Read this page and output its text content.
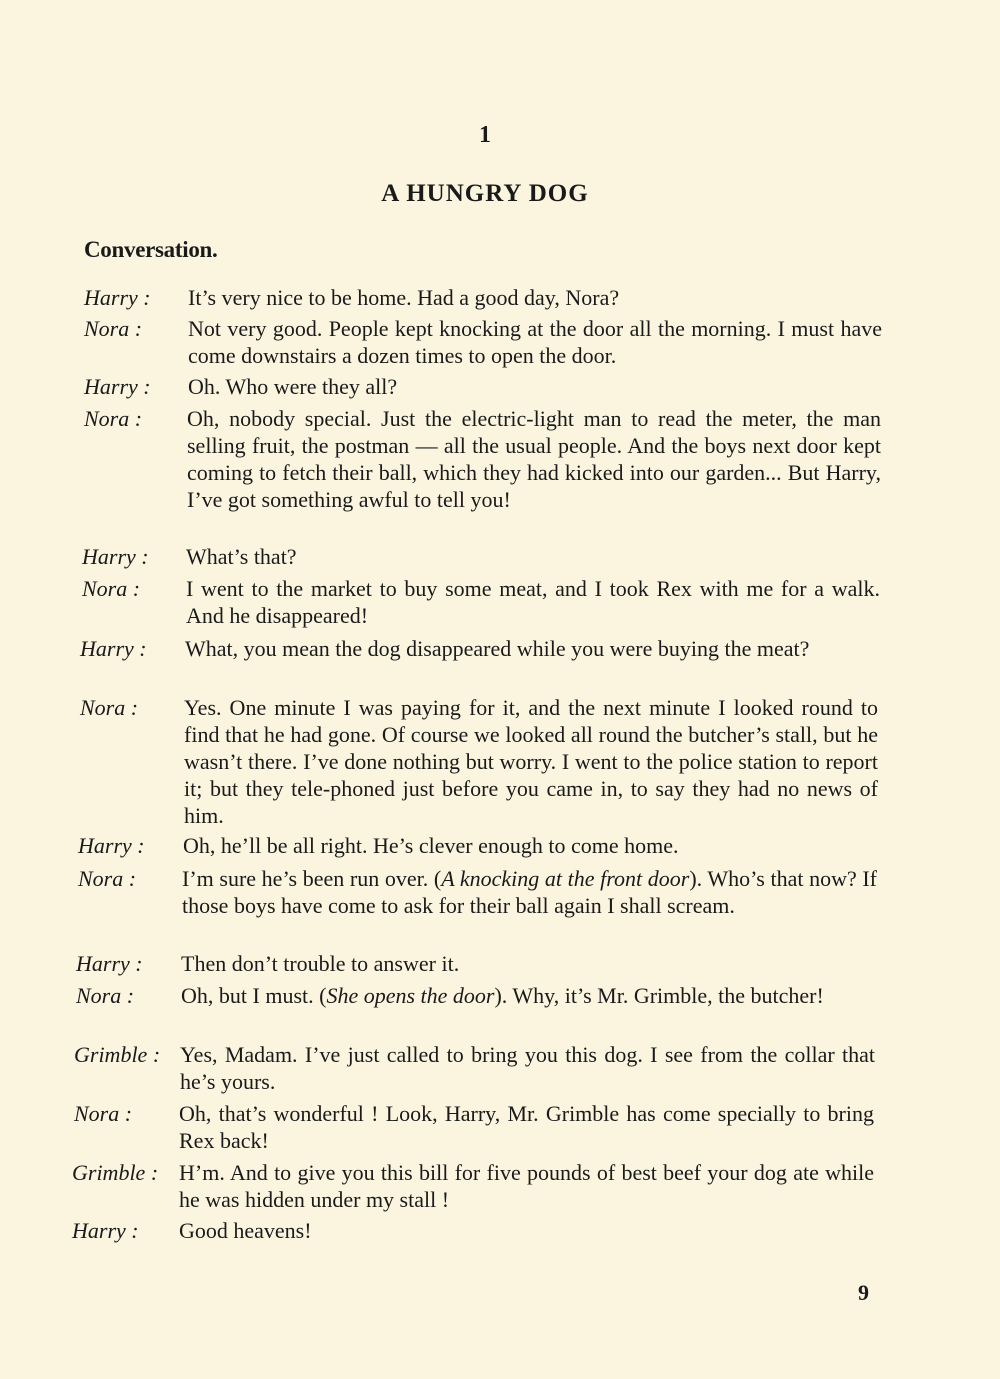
1
A HUNGRY DOG
Conversation.
Harry : It’s very nice to be home. Had a good day, Nora?
Nora : Not very good. People kept knocking at the door all the morning. I must have come downstairs a dozen times to open the door.
Harry : Oh. Who were they all?
Nora : Oh, nobody special. Just the electric-light man to read the meter, the man selling fruit, the postman — all the usual people. And the boys next door kept coming to fetch their ball, which they had kicked into our garden... But Harry, I’ve got something awful to tell you!
Harry : What’s that?
Nora : I went to the market to buy some meat, and I took Rex with me for a walk. And he disappeared!
Harry : What, you mean the dog disappeared while you were buying the meat?
Nora : Yes. One minute I was paying for it, and the next minute I looked round to find that he had gone. Of course we looked all round the butcher’s stall, but he wasn’t there. I’ve done nothing but worry. I went to the police station to report it; but they tele-phoned just before you came in, to say they had no news of him.
Harry : Oh, he’ll be all right. He’s clever enough to come home.
Nora : I’m sure he’s been run over. (A knocking at the front door). Who’s that now? If those boys have come to ask for their ball again I shall scream.
Harry : Then don’t trouble to answer it.
Nora : Oh, but I must. (She opens the door). Why, it’s Mr. Grimble, the butcher!
Grimble : Yes, Madam. I’ve just called to bring you this dog. I see from the collar that he’s yours.
Nora : Oh, that’s wonderful ! Look, Harry, Mr. Grimble has come specially to bring Rex back!
Grimble : H’m. And to give you this bill for five pounds of best beef your dog ate while he was hidden under my stall !
Harry : Good heavens!
9
